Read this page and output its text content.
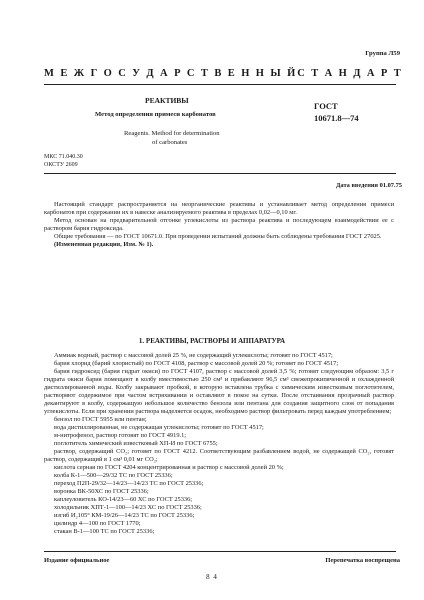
Группа Л59
М Е Ж Г О С У Д А Р С Т В Е Н Н Ы Й С Т А Н Д А Р Т
РЕАКТИВЫ
Метод определения примеси карбонатов
Reagents. Method for determination
of carbonates
ГОСТ
10671.8—74
МКС 71.040.30
ОКСТУ 2609
Дата введения 01.07.75

Настоящий стандарт распространяется на неорганические реактивы и устанавливает метод определения примеси карбонатов при содержании их в навеске анализируемого реактива в пределах 0,02—0,10 мг.

Метод основан на предварительной отгонке углекислоты из раствора реактива и последующем взаимодействии ее с раствором бария гидроксида.

Общие требования — по ГОСТ 10671.0. При проведении испытаний должны быть соблюдены требования ГОСТ 27025.

(Измененная редакция, Изм. № 1).

1. РЕАКТИВЫ, РАСТВОРЫ И АППАРАТУРА

Аммиак водный, раствор с массовой долей 25 %, не содержащий углекислоты; готовят по ГОСТ 4517;

бария хлорид (барий хлористый) по ГОСТ 4108, раствор с массовой долей 20 %; готовят по ГОСТ 4517;

бария гидроксид (бария гидрат окиси) по ГОСТ 4107, раствор с массовой долей 3,5 %; готовят следующим образом: 3,5 г гидрата окиси бария помещают в колбу вместимостью 250 см³ и прибавляют 96,5 см³ свежепрокипяченной и охлажденной дистиллированной воды. Колбу закрывают пробкой, в которую вставлена трубка с химическим известковым поглотителем, растворяют содержимое при частом встряхивании и оставляют в покое на сутки. После отстаивания прозрачный раствор декантируют в колбу, содержащую небольшое количество бензола или пентана для создания защитного слоя от попадания углекислоты. Если при хранении раствора выделяется осадок, необходимо раствор фильтровать перед каждым употреблением;

бензол по ГОСТ 5955 или пентан;

вода дистиллированная, не содержащая углекислоты; готовят по ГОСТ 4517;

м-нитрофенол, раствор готовят по ГОСТ 4919.1;

поглотитель химический известковый ХП-И по ГОСТ 6755;

раствор, содержащий CO₂; готовят по ГОСТ 4212. Соответствующим разбавлением водой, не содержащей CO₂, готовят раствор, содержащий в 1 см³ 0,01 мг CO₂;

кислота серная по ГОСТ 4204 концентрированная и раствор с массовой долей 20 %;

колба К-1—500—29/32 ТС по ГОСТ 25336;

переход П2П-29/32—14/23—14/23 ТС по ГОСТ 25336;

воронка ВК-50ХС по ГОСТ 25336;

каплеуловитель КО-14/23—60 ХС по ГОСТ 25336;

холодильник ХПТ-1—100—14/23 ХС по ГОСТ 25336;

изгиб И₂105° КМ-19/26—14/23 ТС по ГОСТ 25336;

цилиндр 4—100 по ГОСТ 1770;

стакан В-1—100 ТС по ГОСТ 25336;

Издание официальное	Перепечатка воспрещена
8 4
